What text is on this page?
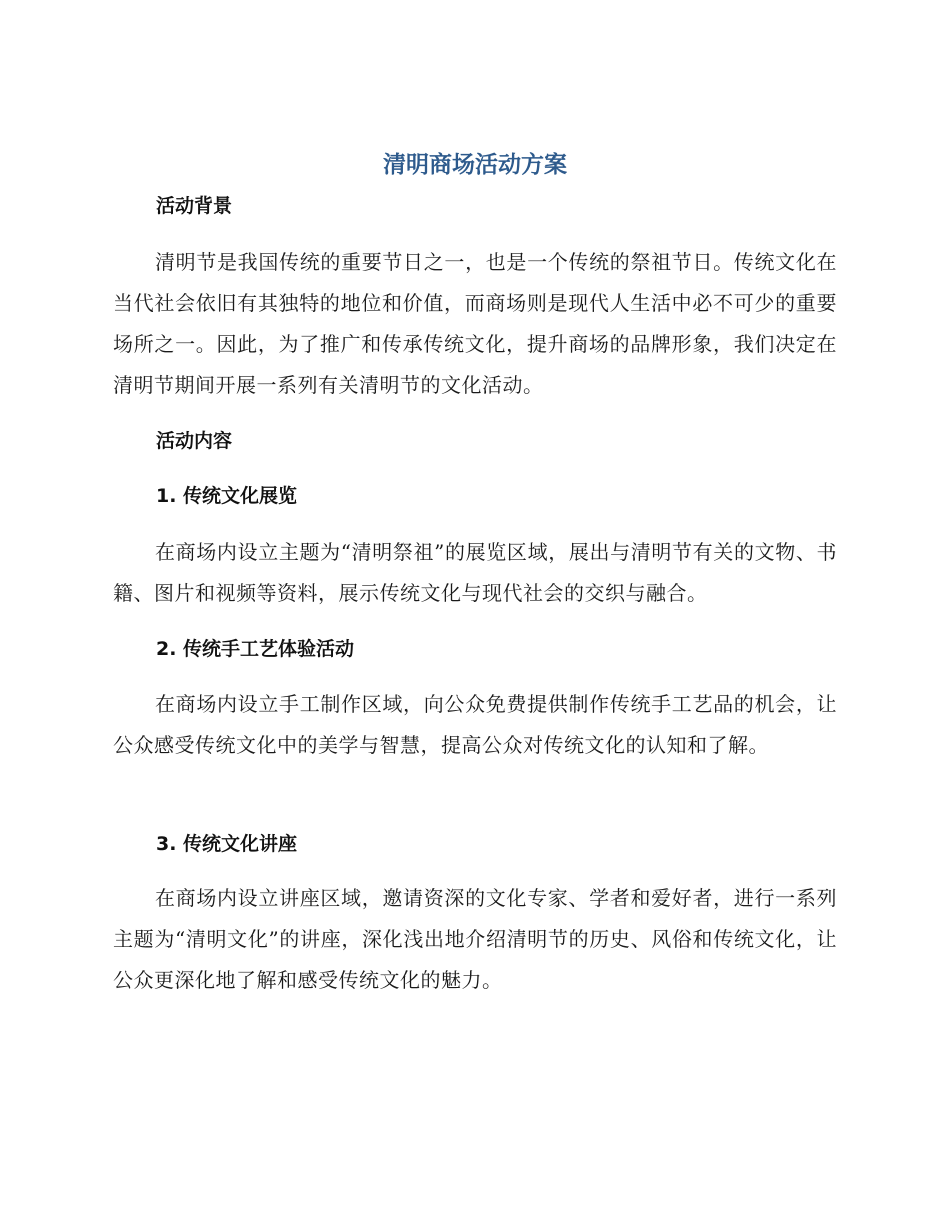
清明商场活动方案
活动背景

清明节是我国传统的重要节日之一，也是一个传统的祭祖节日。传统文化在当代社会依旧有其独特的地位和价值，而商场则是现代人生活中必不可少的重要场所之一。因此，为了推广和传承传统文化，提升商场的品牌形象，我们决定在清明节期间开展一系列有关清明节的文化活动。

活动内容
1. 传统文化展览

在商场内设立主题为“清明祭祖”的展览区域，展出与清明节有关的文物、书籍、图片和视频等资料，展示传统文化与现代社会的交织与融合。

2. 传统手工艺体验活动

在商场内设立手工制作区域，向公众免费提供制作传统手工艺品的机会，让公众感受传统文化中的美学与智慧，提高公众对传统文化的认知和了解。

3. 传统文化讲座

在商场内设立讲座区域，邀请资深的文化专家、学者和爱好者，进行一系列主题为“清明文化”的讲座，深化浅出地介绍清明节的历史、风俗和传统文化，让公众更深化地了解和感受传统文化的魅力。
